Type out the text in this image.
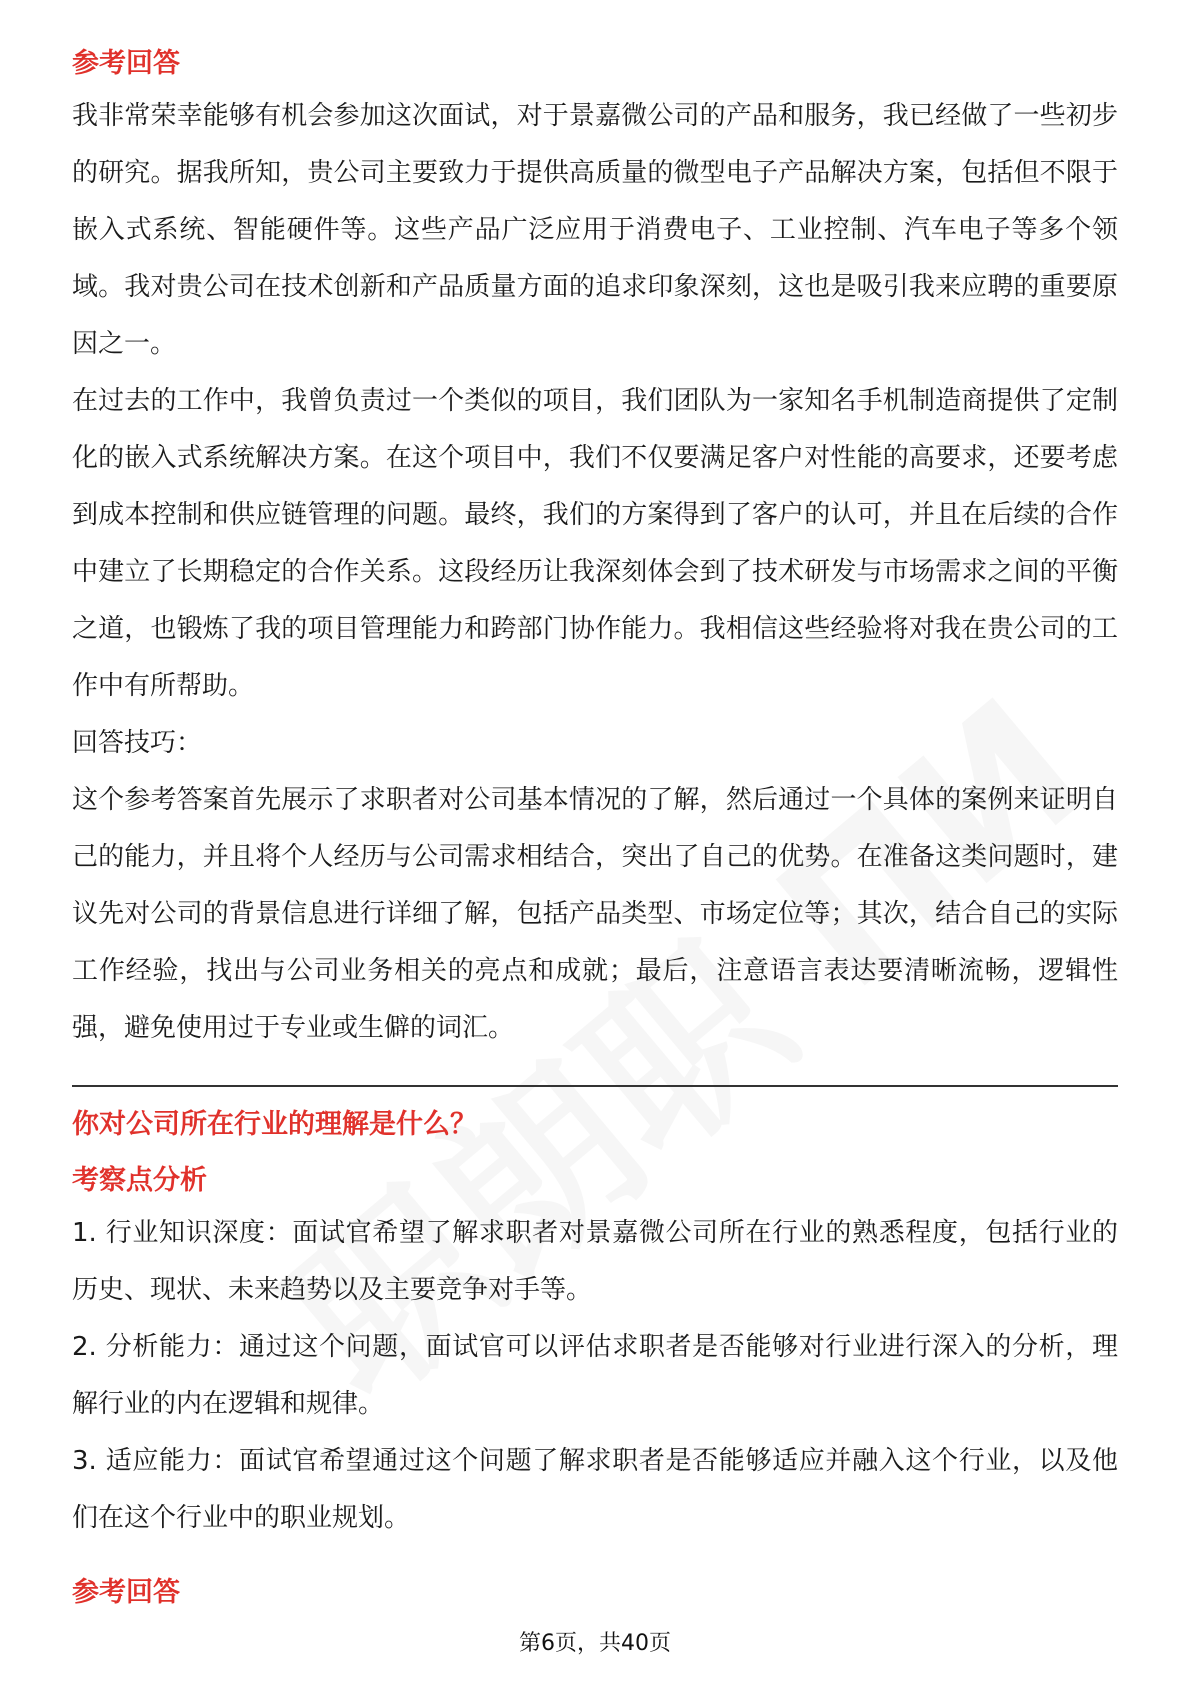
参考回答

我非常荣幸能够有机会参加这次面试，对于景嘉微公司的产品和服务，我已经做了一些初步的研究。据我所知，贵公司主要致力于提供高质量的微型电子产品解决方案，包括但不限于嵌入式系统、智能硬件等。这些产品广泛应用于消费电子、工业控制、汽车电子等多个领域。我对贵公司在技术创新和产品质量方面的追求印象深刻，这也是吸引我来应聘的重要原因之一。

在过去的工作中，我曾负责过一个类似的项目，我们团队为一家知名手机制造商提供了定制化的嵌入式系统解决方案。在这个项目中，我们不仅要满足客户对性能的高要求，还要考虑到成本控制和供应链管理的问题。最终，我们的方案得到了客户的认可，并且在后续的合作中建立了长期稳定的合作关系。这段经历让我深刻体会到了技术研发与市场需求之间的平衡之道，也锻炼了我的项目管理能力和跨部门协作能力。我相信这些经验将对我在贵公司的工作中有所帮助。

回答技巧：

这个参考答案首先展示了求职者对公司基本情况的了解，然后通过一个具体的案例来证明自己的能力，并且将个人经历与公司需求相结合，突出了自己的优势。在准备这类问题时，建议先对公司的背景信息进行详细了解，包括产品类型、市场定位等；其次，结合自己的实际工作经验，找出与公司业务相关的亮点和成就；最后，注意语言表达要清晰流畅，逻辑性强，避免使用过于专业或生僻的词汇。

你对公司所在行业的理解是什么？

考察点分析

1. 行业知识深度：面试官希望了解求职者对景嘉微公司所在行业的熟悉程度，包括行业的历史、现状、未来趋势以及主要竞争对手等。

2. 分析能力：通过这个问题，面试官可以评估求职者是否能够对行业进行深入的分析，理解行业的内在逻辑和规律。

3. 适应能力：面试官希望通过这个问题了解求职者是否能够适应并融入这个行业，以及他们在这个行业中的职业规划。

参考回答

第6页，共40页
